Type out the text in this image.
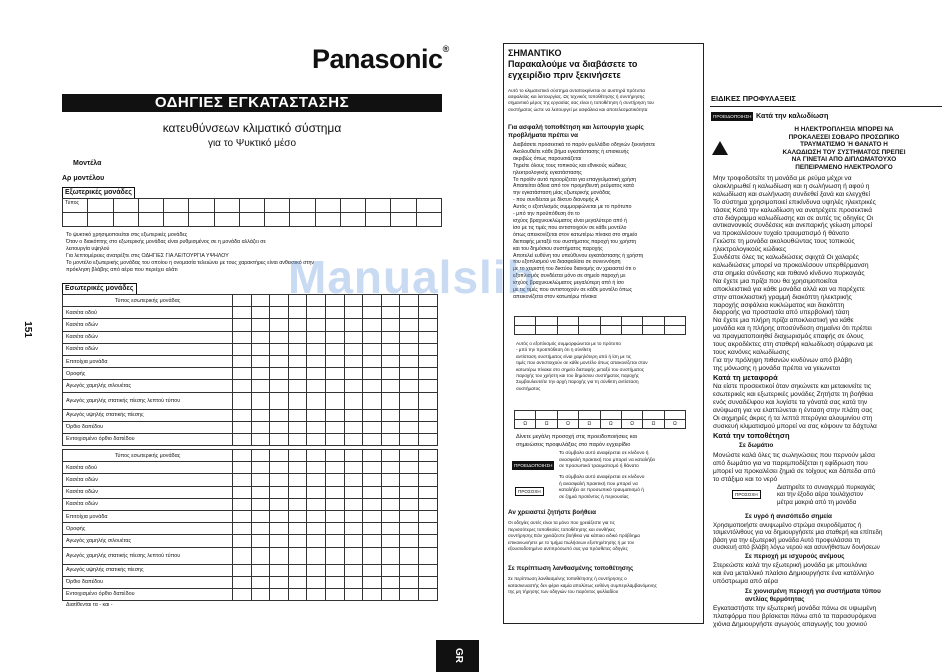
Panasonic®
ΟΔΗΓΙΕΣ ΕΓΚΑΤΑΣΤΑΣΗΣ
κατευθύνσεων κλιματικό σύστημα
για το Ψυκτικό μέσο
Μοντέλα
Αρ μοντέλου
Εξωτερικές μονάδες
Τύπος														

Το ψυκτικό χρησιμοποιείται στις εξωτερικές μονάδες
Όταν ο διακόπτης στο εξωτερικής μονάδας είναι ρυθμισμένος σε η μονάδα αλλάζει σε
λειτουργία υψηλού
Για λεπτομέρειες ανατρέξτε στις ΟΔΗΓΙΕΣ ΓΙΑ ΛΕΙΤΟΥΡΓΙΑ ΥΨΗΛΟΥ
Το μοντέλο εξωτερικής μονάδας του οποίου η ονομασία τελειώνει με τους χαρακτήρες είναι ανθεκτικό στην
πρόκληση βλάβης από αέρα που περιέχει αλάτι
Εσωτερικές μονάδες
Τύπος εσωτερικής μονάδας											
Κασέτα οδού											
Κασέτα οδών											
Κασέτα οδών											
Κασέτα οδών											
Επιτοίχια μονάδα											
Οροφής											
Αγωγός χαμηλής σιλουέτας											
Αγωγός χαμηλής στατικής πίεσης λεπτού τύπου											
Αγωγός υψηλής στατικής πίεσης											
Όρθιο δαπέδου											
Εντοιχισμένο όρθιο δαπέδου											
Τύπος εσωτερικής μονάδας											
Κασέτα οδού											
Κασέτα οδών											
Κασέτα οδών											
Κασέτα οδών											
Επιτοίχια μονάδα											
Οροφής											
Αγωγός χαμηλής σιλουέτας											
Αγωγός χαμηλής στατικής πίεσης λεπτού τύπου											
Αγωγός υψηλής στατικής πίεσης											
Όρθιο δαπέδου											
Εντοιχισμένο όρθιο δαπέδου											
Διατίθενται τα - και -
151
ΣΗΜΑΝΤΙΚΟ
Παρακαλούμε να διαβάσετε το
εγχειρίδιο πριν ξεκινήσετε
Αυτό το κλιματιστικό σύστημα ανταποκρίνεται σε αυστηρά πρότυπα
ασφαλείας και λειτουργίας. Ως τεχνικός τοποθέτησης ή συντήρησης
σημαντικό μέρος της εργασίας σας είναι η τοποθέτηση ή συντήρηση του
συστήματος ώστε να λειτουργεί με ασφάλεια και αποτελεσματικότητα
Για ασφαλή τοποθέτηση και λειτουργία χωρίς
προβλήματα πρέπει να
Διαβάσετε προσεκτικά το παρόν φυλλάδιο οδηγιών ξεκινήσετε
Ακολουθείτε κάθε βήμα εγκατάστασης ή επισκευής
ακριβώς όπως παρουσιάζεται
Τηρείτε όλους τους τοπικούς και εθνικούς κώδικες
ηλεκτρολογικής εγκατάστασης
Το προϊόν αυτό προορίζεται για επαγγελματική χρήση
Απαιτείται άδεια από τον προμηθευτή ρεύματος κατά
την εγκατάσταση μίας εξωτερικής μονάδας
- που συνδέεται με δίκτυο διανομής Α
Αυτός ο εξοπλισμός συμμορφώνεται με το πρότυπο
- μπό την προϋπόθεση ότι το
ισχύος βραχυκυκλώματος είναι μεγαλύτερο από ή
ίσο με τις τιμές που αντιστοιχούν σε κάθε μοντέλο
όπως απεικονίζεται στον κατωτέρω πίνακα στο σημείο
διεπαφής μεταξύ του συστήματος παροχή του χρήστη
και του δημόσιου συστήματος παροχής
Αποτελεί ευθύνη του υπεύθυνου εγκατάστασης ή χρήστη
του εξοπλισμού να διασφαλίσει σε συνεννόηση
με το χειριστή του δικτύου διανομής αν χρειαστεί ότι ο
εξοπλισμός συνδέεται μόνο σε σημείο παροχή με
ισχύος βραχυκυκλώματος μεγαλύτερη από ή ίσο
με τις τιμές που αντιστοιχούν σε κάθε μοντέλο όπως
απεικονίζεται στον κατωτέρω πίνακα

Αυτός ο εξοπλισμός συμμορφώνεται με το πρότυπο
- μπό την προϋπόθεση ότι η σύνθετη
αντίσταση συστήματος είναι χαμηλότερη από ή ίση με τις
τιμές που αντιστοιχούν σε κάθε μοντέλο όπως απεικονίζεται στον
κατωτέρω πίνακα στο σημείο διεπαφής μεταξύ του συστήματος
παροχής του χρήστη και του δημόσιου συστήματος παροχής
Συμβουλευτείτε την αρχή παροχής για τη σύνθετη αντίσταση
συστήματος

Ω	Ω	Ω	Ω	Ω	Ω	Ω	Ω
Δίνετε μεγάλη προσοχή στις προειδοποιήσεις και
σημειώσεις προφυλάξεις στο παρόν εγχειρίδιο
ΠΡΟΕΙΔΟΠΟΙΗΣΗ
Το σύμβολο αυτό αναφέρεται σε κίνδυνο ή
ανασφαλή πρακτική που μπορεί να καταλήξει
σε προσωπικό τραυματισμό ή θάνατο
ΠΡΟΣΟΧΗ
Το σύμβολο αυτό αναφέρεται σε κίνδυνο
ή ανασφαλή πρακτική που μπορεί να
καταλήξει σε προσωπικό τραυματισμό ή
σε ζημιά προϊόντος ή περιουσίας
Αν χρειαστεί ζητήστε βοήθεια
Οι οδηγίες αυτές είναι τα μόνο που χρειάζεστε για τις
περισσότερες τοποθεσίες τοποθέτησης και συνθήκες
συντήρησης Εάν χρειάζεστε βοήθεια για κάποιο ειδικό πρόβλημα
επικοινωνήστε με το τμήμα πωλήσεων εξυπηρέτησης ή με τον
εξουσιοδοτημένο αντιπρόσωπό σας για πρόσθετες οδηγίες
Σε περίπτωση λανθασμένης τοποθέτησης
Σε περίπτωση λανθασμένης τοποθέτησης ή συντήρησης ο
κατασκευαστής δεν φέρει καμία απολύτως ευθύνη συμπεριλαμβανόμενης
της μη τήρησης των οδηγιών του παρόντος φυλλαδίου
ΕΙΔΙΚΕΣ ΠΡΟΦΥΛΑΞΕΙΣ
ΠΡΟΕΙΔΟΠΟΙΗΣΗ Κατά την καλωδίωση
Η ΗΛΕΚΤΡΟΠΛΗΞΙΑ ΜΠΟΡΕΙ ΝΑ
ΠΡΟΚΑΛΕΣΕΙ ΣΟΒΑΡΟ ΠΡΟΣΩΠΙΚΟ
ΤΡΑΥΜΑΤΙΣΜΟ Ή ΘΑΝΑΤΟ Η
ΚΑΛΩΔΙΩΣΗ ΤΟΥ ΣΥΣΤΗΜΑΤΟΣ ΠΡΕΠΕΙ
ΝΑ ΓΙΝΕΤΑΙ ΑΠΟ ΔΙΠΛΩΜΑΤΟΥΧΟ
ΠΕΠΕΙΡΑΜΕΝΟ ΗΛΕΚΤΡΟΛΟΓΟ
Μην τροφοδοτείτε τη μονάδα με ρεύμα μέχρι να
ολοκληρωθεί η καλωδίωση και η σωλήνωση ή αφού η
καλωδίωση και σωλήνωση συνδεθεί ξανά και ελεγχθεί
Το σύστημα χρησιμοποιεί επικίνδυνα υψηλές ηλεκτρικές
τάσεις Κατά την καλωδίωση να ανατρέχετε προσεκτικά
στο διάγραμμα καλωδίωσης και σε αυτές τις οδηγίες Οι
αντικανονικές συνδέσεις και ανεπαρκής γείωση μπορεί
να προκαλέσουν τυχαίο τραυματισμό ή θάνατο
Γειώστε τη μονάδα ακολουθώντας τους τοπικούς
ηλεκτρολογικούς κώδικες
Συνδέστε όλες τις καλωδιώσεις σφιχτά Οι χαλαρές
καλωδιώσεις μπορεί να προκαλέσουν υπερθέρμανση
στα σημεία σύνδεσης και πιθανό κίνδυνο πυρκαγιάς
Να έχετε μια πρίζα που θα χρησιμοποιείται
αποκλειστικά για κάθε μονάδα αλλά και να παρέχετε
στην αποκλειστική γραμμή διακόπτη ηλεκτρικής
παροχής ασφάλεια κυκλώματος και διακόπτη
διαρροής για προστασία από υπερβολική τάση
Να έχετε μια πλήρη πρίζα αποκλειστική για κάθε
μονάδα και η πλήρης αποσύνδεση σημαίνει ότι πρέπει
να πραγματοποιηθεί διαχωρισμός επαφής σε όλους
τους ακροδέκτες στη σταθερή καλωδίωση σύμφωνα με
τους κανόνες καλωδίωσης
Για την πρόληψη πιθανών κινδύνων από βλάβη
της μόνωσης η μονάδα πρέπει να γειωνεται
Κατά τη μεταφορά
Να είστε προσεκτικοί όταν σηκώνετε και μετακινείτε τις
εσωτερικές και εξωτερικές μονάδες Ζητήστε τη βοήθεια
ενός συναδέλφου και λυγίστε τα γόνατά σας κατά την
ανύψωση για να ελαττώνεται η ένταση στην πλάτη σας
Οι αιχμηρές άκρες ή τα λεπτά πτερύγια αλουμινίου στη
συσκευή κλιματισμού μπορεί να σας κόψουν τα δάχτυλα
Κατά την τοποθέτηση
Σε δωμάτιο
Μονώστε καλά όλες τις σωληνώσεις που περνούν μέσα
από δωμάτιο για να παρεμποδίζεται η εφίδρωση που
μπορεί να προκαλέσει ζημιά σε τοίχους και δάπεδα από
το στάξιμο και το νερό
ΠΡΟΣΟΧΗ
Διατηρείτε το συναγερμό πυρκαγιάς
και την έξοδο αέρα τουλάχιστον
μέτρα μακριά από τη μονάδα
Σε υγρό ή ανισόπεδο σημεία
Χρησιμοποιήστε ανυψωμένο στρώμα σκυροδέματος ή
τσιμεντόλιθους για να δημιουργήσετε μια σταθερή και επίπεδη
βάση για την εξωτερική μονάδα Αυτό προφυλάσσει τη
συσκευή από βλάβη λόγω νερού και ασυνήθιστων δονήσεων
Σε περιοχή με ισχυρούς ανέμους
Στερεώστε καλά την εξωτερική μονάδα με μπουλόνια
και ένα μεταλλικό πλαίσιο Δημιουργήστε ένα κατάλληλο
υπόστρωμα από αέρα
Σε χιονισμένη περιοχή για συστήματα τύπου
αντλίας θερμότητας
Εγκαταστήστε την εξωτερική μονάδα πάνω σε υψωμένη
πλατφόρμα που βρίσκεται πάνω από τα παρασυρόμενα
χιόνια Δημιουργήστε αγωγούς απαγωγής του χιονιού
Manualslib
GR
